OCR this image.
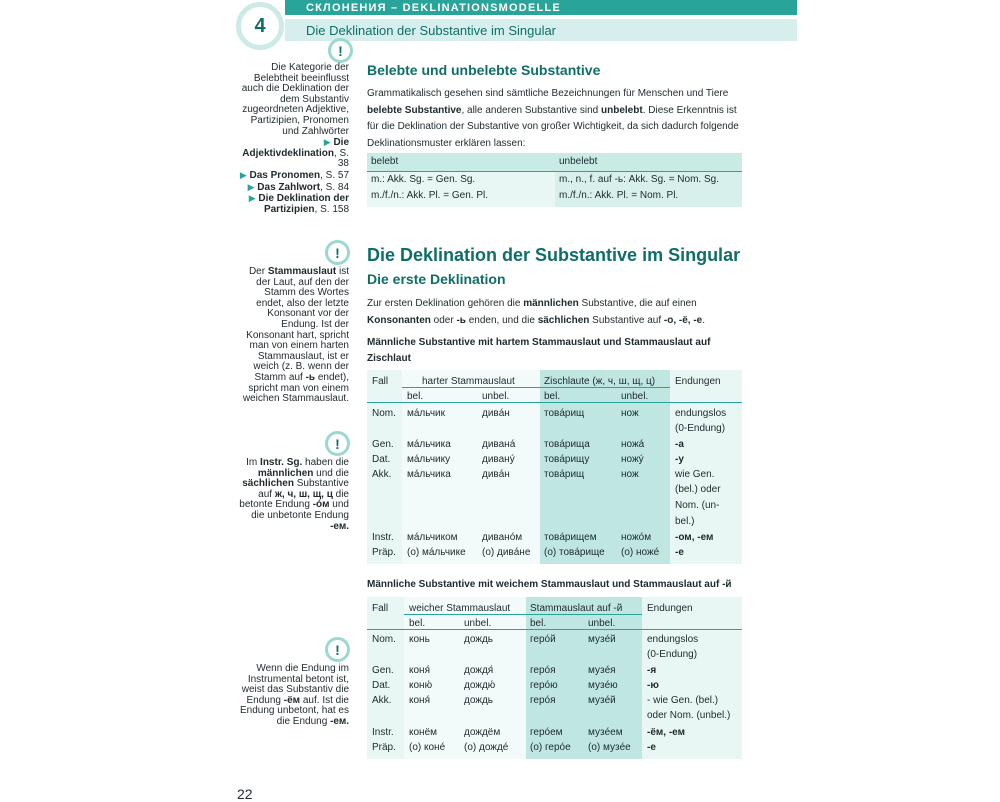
СКЛОНЕНИЯ – DEKLINATIONSMODELLE
Die Deklination der Substantive im Singular
4
!
Die Kategorie der Belebtheit beeinflusst auch die Deklination der dem Substantiv zugeordneten Adjektive, Partizipien, Pronomen und Zahlwörter
▶ Die Adjektivdeklination, S. 38
▶ Das Pronomen, S. 57
▶ Das Zahlwort, S. 84
▶ Die Deklination der Partizipien, S. 158
!
Der Stammauslaut ist der Laut, auf den der Stamm des Wortes endet, also der letzte Konsonant vor der Endung. Ist der Konsonant hart, spricht man von einem harten Stammauslaut, ist er weich (z. B. wenn der Stamm auf -ь endet), spricht man von einem weichen Stammauslaut.
!
Im Instr. Sg. haben die männlichen und die sächlichen Substantive auf ж, ч, ш, щ, ц die betonte Endung -óм und die unbetonte Endung -ем.
!
Wenn die Endung im Instrumental betont ist, weist das Substantiv die Endung -ём auf. Ist die Endung unbetont, hat es die Endung -ем.
Belebte und unbelebte Substantive
Grammatikalisch gesehen sind sämtliche Bezeichnungen für Menschen und Tiere belebte Substantive, alle anderen Substantive sind unbelebt. Diese Erkenntnis ist für die Deklination der Substantive von großer Wichtigkeit, da sich dadurch folgende Deklinationsmuster erklären lassen:
belebt	unbelebt
m.: Akk. Sg. = Gen. Sg.	m., n., f. auf -ь: Akk. Sg. = Nom. Sg.
m./f./n.: Akk. Pl. = Gen. Pl.	m./f./n.: Akk. Pl. = Nom. Pl.
Die Deklination der Substantive im Singular
Die erste Deklination
Zur ersten Deklination gehören die männlichen Substantive, die auf einen Konsonanten oder -ь enden, und die sächlichen Substantive auf -о, -ё, -е.
Männliche Substantive mit hartem Stammauslaut und Stammauslaut auf Zischlaut
Fall	harter Stammauslaut	Zischlaute (ж, ч, ш, щ, ц) Endungen
bel.	unbel.	bel.	unbel.
Nom. мáльчик	дивáн	товáрищ	нож	endungslos
(0-Endung)
Gen. мáльчика	диванá	товáрища	ножá	-а
Dat. мáльчику	диванý	товáрищу	ножý	-у
Akk. мáльчика	дивáн	товáрищ	нож	wie Gen.
(bel.) oder
Nom. (un-
bel.)
Instr. мáльчиком диванóм товáрищем ножóм -ом, -ем
Präp. (о) мáльчике (о) дивáне (о) товáрище (о) ножé -е
Männliche Substantive mit weichem Stammauslaut und Stammauslaut auf -й
Fall weicher Stammauslaut Stammauslaut auf -й Endungen
bel.	unbel.	bel.	unbel.
Nom. конь	дождь	герóй	музéй	endungslos
(0-Endung)
Gen. коня́	дождя́	герóя	музéя	-я
Dat. коню́	дождю́	герóю	музéю	-ю
Akk. коня́	дождь	герóя	музéй	- wie Gen. (bel.)
oder Nom. (unbel.)
Instr. конём	дождём	герóем	музéем -ём, -ем
Präp. (о) конé (о) дождé (о) герóе (о) музéе -е
22
